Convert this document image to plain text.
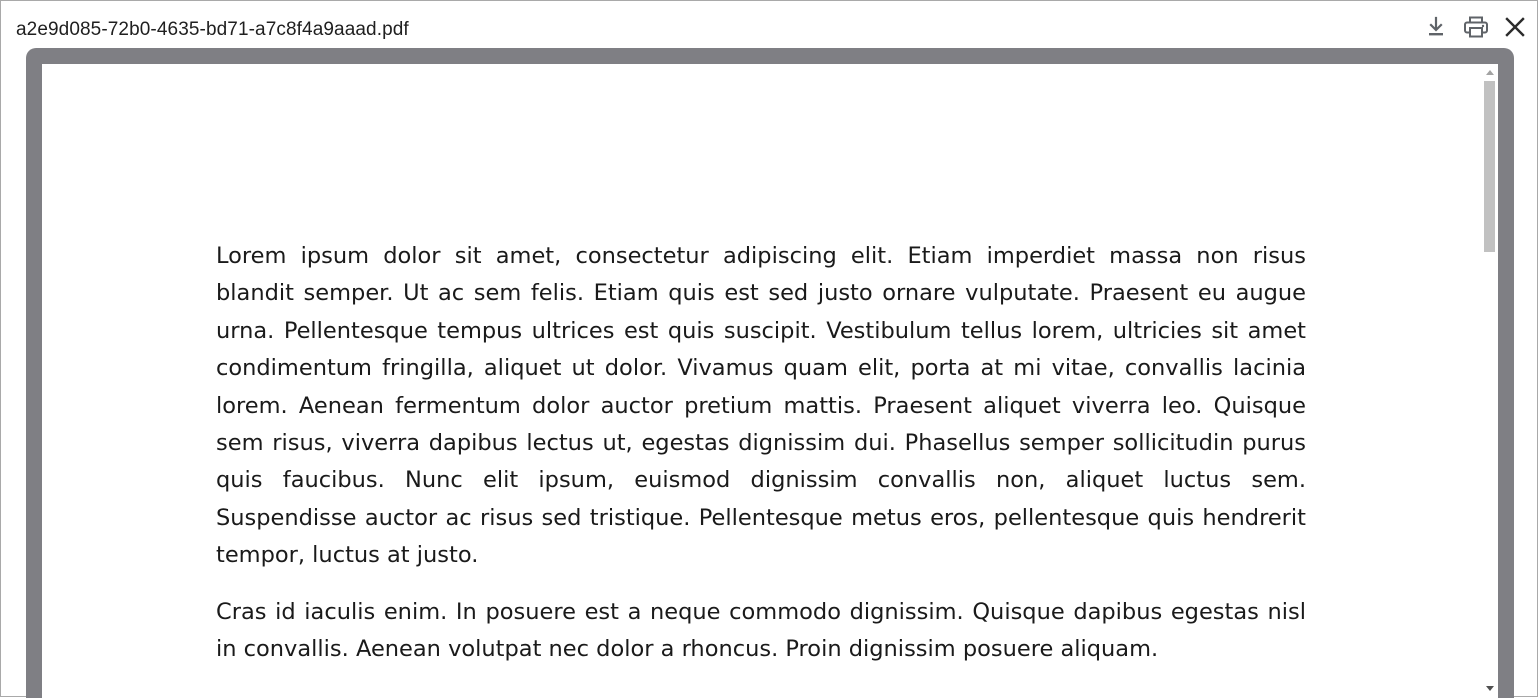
a2e9d085-72b0-4635-bd71-a7c8f4a9aaad.pdf

Lorem ipsum dolor sit amet, consectetur adipiscing elit. Etiam imperdiet massa non risus blandit semper. Ut ac sem felis. Etiam quis est sed justo ornare vulputate. Praesent eu augue urna. Pellentesque tempus ultrices est quis suscipit. Vestibulum tellus lorem, ultricies sit amet condimentum fringilla, aliquet ut dolor. Vivamus quam elit, porta at mi vitae, convallis lacinia lorem. Aenean fermentum dolor auctor pretium mattis. Praesent aliquet viverra leo. Quisque sem risus, viverra dapibus lectus ut, egestas dignissim dui. Phasellus semper sollicitudin purus quis faucibus. Nunc elit ipsum, euismod dignissim convallis non, aliquet luctus sem. Suspendisse auctor ac risus sed tristique. Pellentesque metus eros, pellentesque quis hendrerit tempor, luctus at justo.

Cras id iaculis enim. In posuere est a neque commodo dignissim. Quisque dapibus egestas nisl in convallis. Aenean volutpat nec dolor a rhoncus. Proin dignissim posuere aliquam.
